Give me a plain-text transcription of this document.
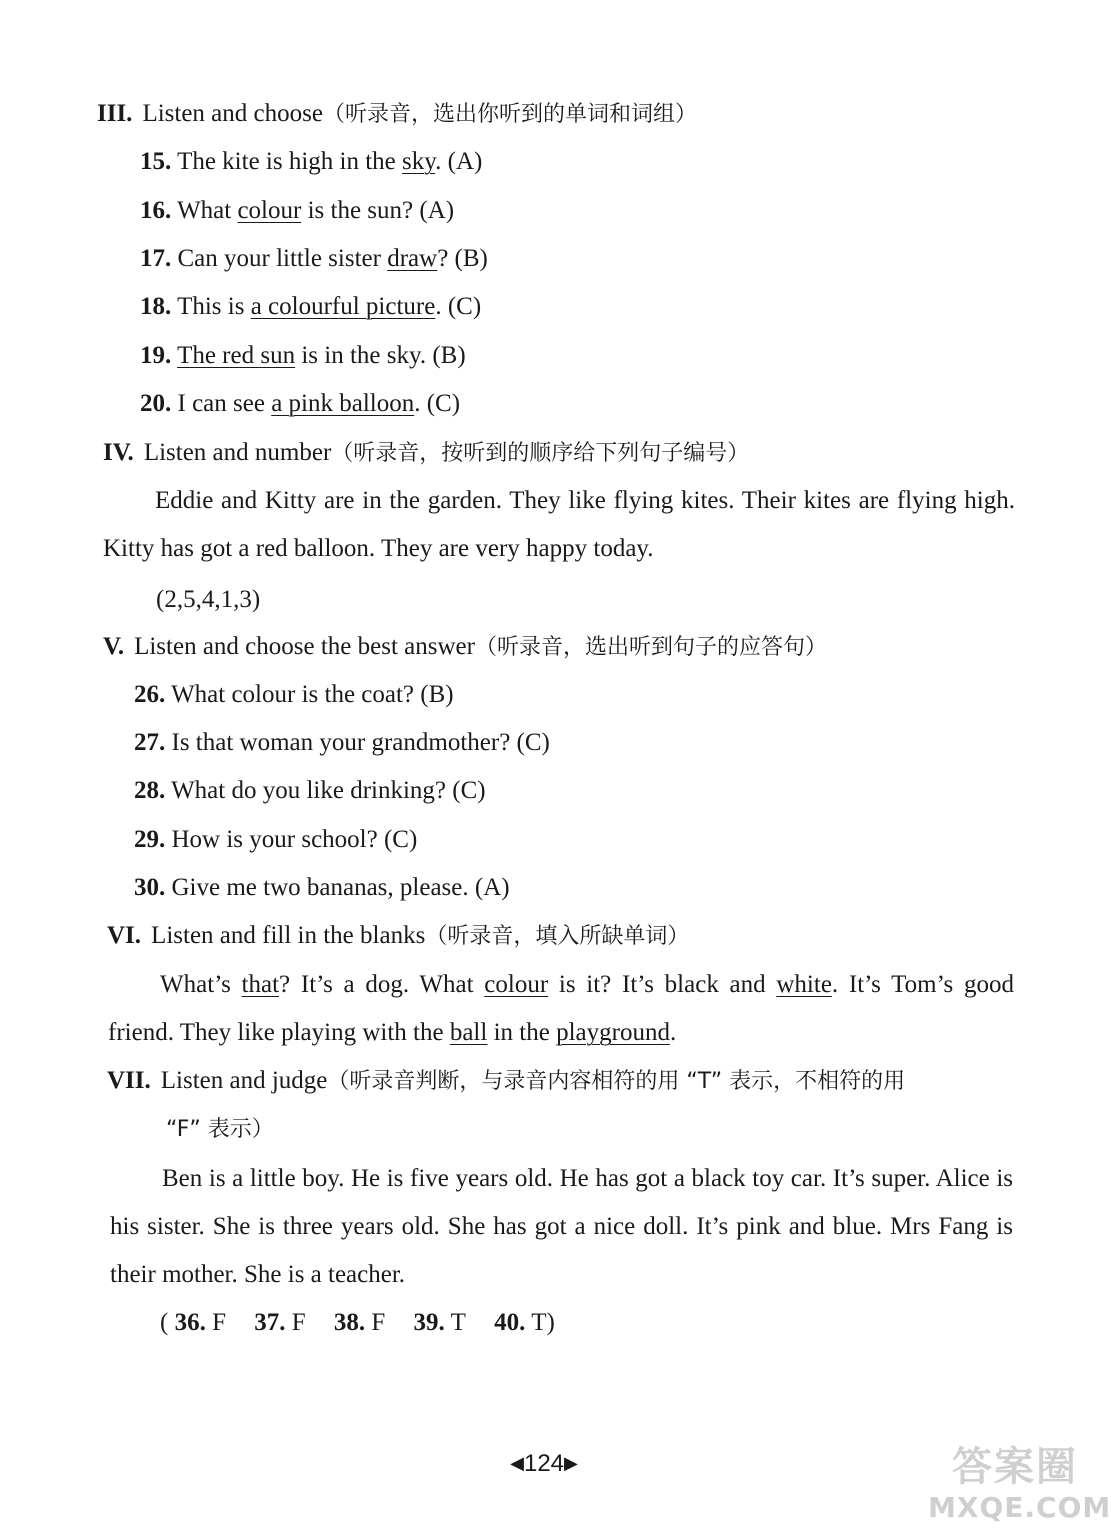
III. Listen and choose（听录音，选出你听到的单词和词组）
15. The kite is high in the sky. (A)
16. What colour is the sun? (A)
17. Can your little sister draw? (B)
18. This is a colourful picture. (C)
19. The red sun is in the sky. (B)
20. I can see a pink balloon. (C)
IV. Listen and number（听录音，按听到的顺序给下列句子编号）
Eddie and Kitty are in the garden. They like flying kites. Their kites are flying high. Kitty has got a red balloon. They are very happy today.
(2,5,4,1,3)
V. Listen and choose the best answer（听录音，选出听到句子的应答句）
26. What colour is the coat? (B)
27. Is that woman your grandmother? (C)
28. What do you like drinking? (C)
29. How is your school? (C)
30. Give me two bananas, please. (A)
VI. Listen and fill in the blanks（听录音，填入所缺单词）
What’s that? It’s a dog. What colour is it? It’s black and white. It’s Tom’s good friend. They like playing with the ball in the playground.
VII. Listen and judge（听录音判断，与录音内容相符的用 “T” 表示，不相符的用
“F” 表示）
Ben is a little boy. He is five years old. He has got a black toy car. It’s super. Alice is his sister. She is three years old. She has got a nice doll. It’s pink and blue. Mrs Fang is their mother. She is a teacher.
( 36. F 37. F 38. F 39. T 40. T)
◀124▶	答案圈
MXQE.COM
